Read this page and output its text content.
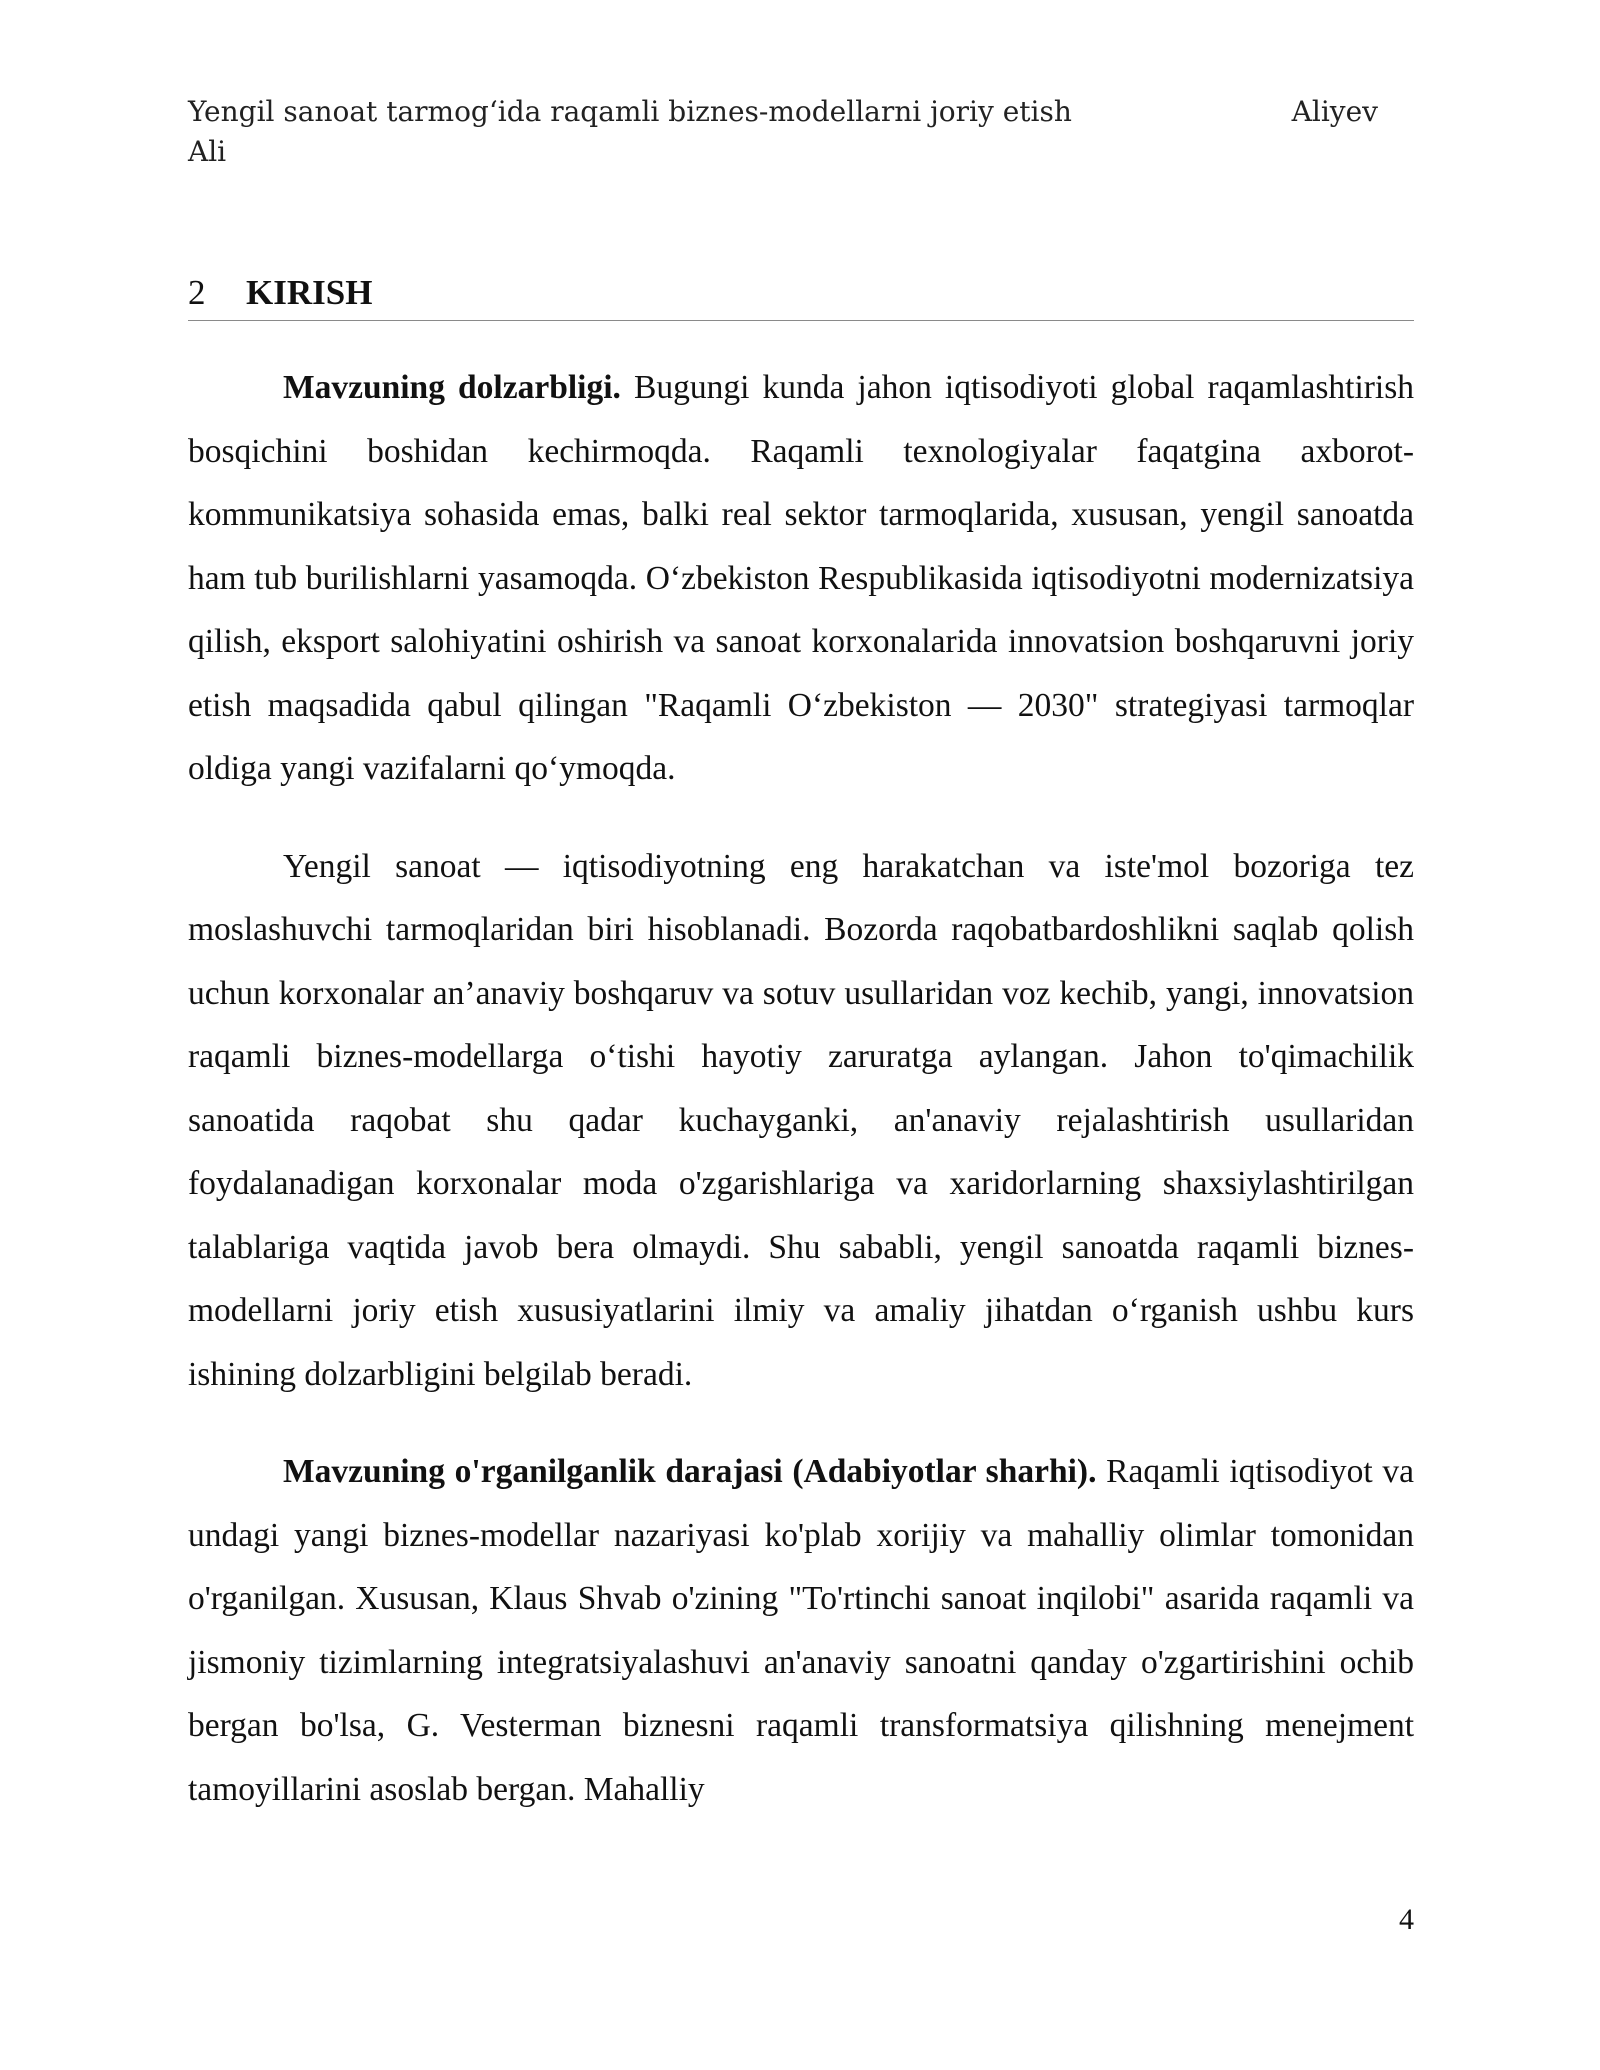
Yengil sanoat tarmog‘ida raqamli biznes-modellarni joriy etish	Aliyev

Ali
2 KIRISH

Mavzuning dolzarbligi. Bugungi kunda jahon iqtisodiyoti global raqamlashtirish bosqichini boshidan kechirmoqda. Raqamli texnologiyalar faqatgina axborot-kommunikatsiya sohasida emas, balki real sektor tarmoqlarida, xususan, yengil sanoatda ham tub burilishlarni yasamoqda. O‘zbekiston Respublikasida iqtisodiyotni modernizatsiya qilish, eksport salohiyatini oshirish va sanoat korxonalarida innovatsion boshqaruvni joriy etish maqsadida qabul qilingan "Raqamli O‘zbekiston — 2030" strategiyasi tarmoqlar oldiga yangi vazifalarni qo‘ymoqda.

Yengil sanoat — iqtisodiyotning eng harakatchan va iste'mol bozoriga tez moslashuvchi tarmoqlaridan biri hisoblanadi. Bozorda raqobatbardoshlikni saqlab qolish uchun korxonalar an’anaviy boshqaruv va sotuv usullaridan voz kechib, yangi, innovatsion raqamli biznes-modellarga o‘tishi hayotiy zaruratga aylangan. Jahon to'qimachilik sanoatida raqobat shu qadar kuchayganki, an'anaviy rejalashtirish usullaridan foydalanadigan korxonalar moda o'zgarishlariga va xaridorlarning shaxsiylashtirilgan talablariga vaqtida javob bera olmaydi. Shu sababli, yengil sanoatda raqamli biznes-modellarni joriy etish xususiyatlarini ilmiy va amaliy jihatdan o‘rganish ushbu kurs ishining dolzarbligini belgilab beradi.

Mavzuning o'rganilganlik darajasi (Adabiyotlar sharhi). Raqamli iqtisodiyot va undagi yangi biznes-modellar nazariyasi ko'plab xorijiy va mahalliy olimlar tomonidan o'rganilgan. Xususan, Klaus Shvab o'zining "To'rtinchi sanoat inqilobi" asarida raqamli va jismoniy tizimlarning integratsiyalashuvi an'anaviy sanoatni qanday o'zgartirishini ochib bergan bo'lsa, G. Vesterman biznesni raqamli transformatsiya qilishning menejment tamoyillarini asoslab bergan. Mahalliy

4
